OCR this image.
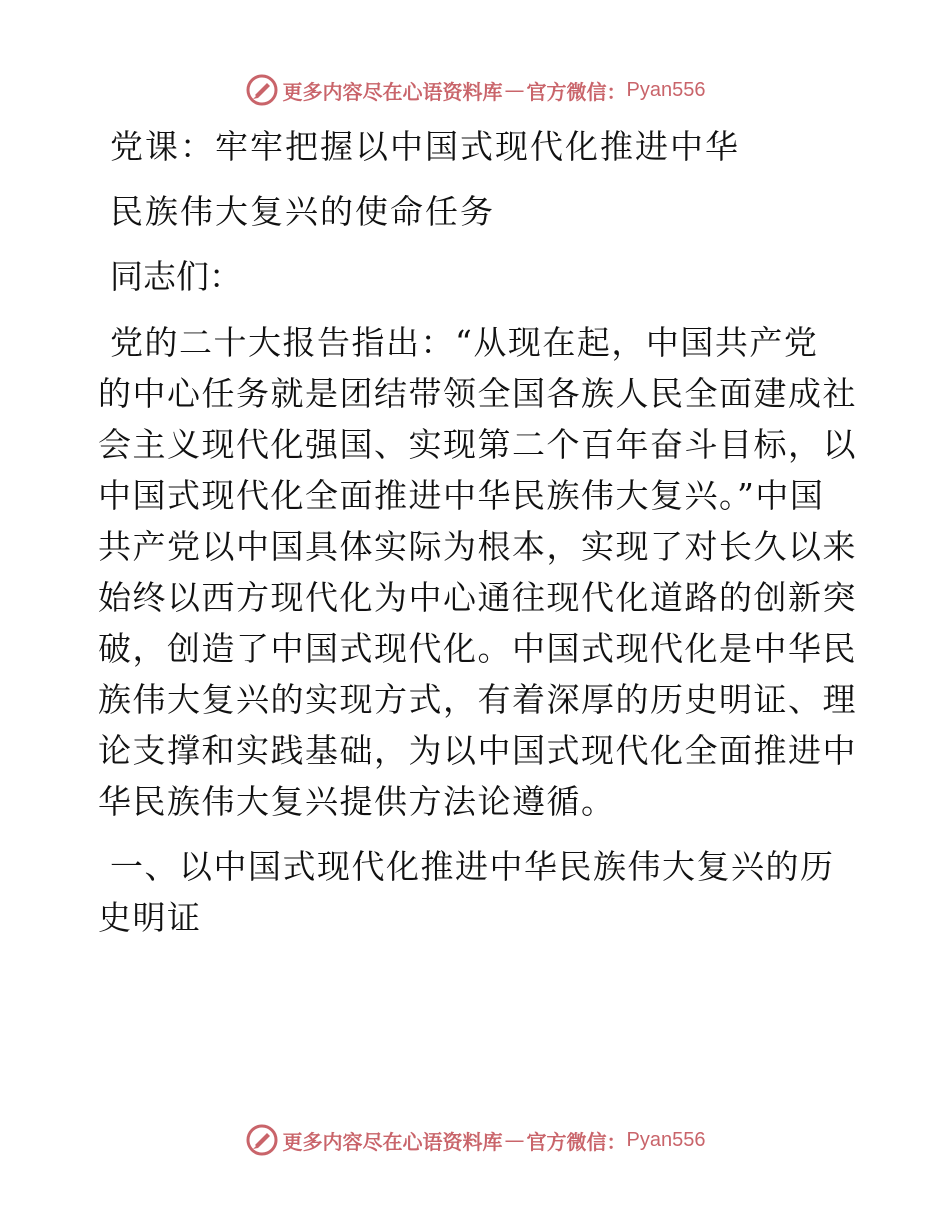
更多内容尽在心语资料库 — 官方微信： Pyan556
党课：牢牢把握以中国式现代化推进中华
民族伟大复兴的使命任务
同志们：
党的二十大报告指出：“从现在起，中国共产党
的中心任务就是团结带领全国各族人民全面建成社
会主义现代化强国、实现第二个百年奋斗目标，以
中国式现代化全面推进中华民族伟大复兴。”中国
共产党以中国具体实际为根本，实现了对长久以来
始终以西方现代化为中心通往现代化道路的创新突
破，创造了中国式现代化。中国式现代化是中华民
族伟大复兴的实现方式，有着深厚的历史明证、理
论支撑和实践基础，为以中国式现代化全面推进中
华民族伟大复兴提供方法论遵循。
一、以中国式现代化推进中华民族伟大复兴的历
史明证
更多内容尽在心语资料库 — 官方微信： Pyan556
